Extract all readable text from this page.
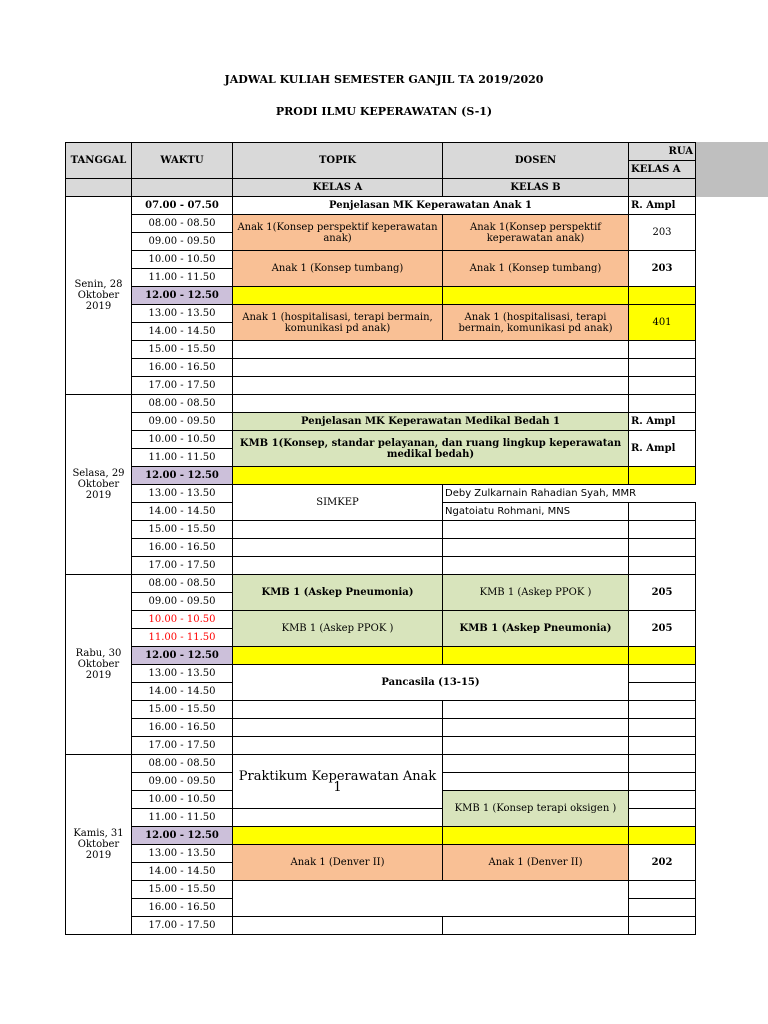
JADWAL KULIAH SEMESTER GANJIL TA 2019/2020
PRODI ILMU KEPERAWATAN (S-1)
TANGGAL	WAKTU	TOPIK	DOSEN	RUA
				KELAS A
		KELAS A	KELAS B	
Senin, 28 Oktober 2019	07.00 - 07.50	Penjelasan MK Keperawatan Anak 1		R. Ampl
	08.00 - 08.50	Anak 1(Konsep perspektif keperawatan anak)	Anak 1(Konsep perspektif keperawatan anak)	203
	09.00 - 09.50			
	10.00 - 10.50	Anak 1 (Konsep tumbang)	Anak 1 (Konsep tumbang)	203
	11.00 - 11.50			
	12.00 - 12.50			
	13.00 - 13.50	Anak 1 (hospitalisasi, terapi bermain, komunikasi pd anak)	Anak 1 (hospitalisasi, terapi bermain, komunikasi pd anak)	401
	14.00 - 14.50			
	15.00 - 15.50			
	16.00 - 16.50			
	17.00 - 17.50			
Selasa, 29 Oktober 2019	08.00 - 08.50			
	09.00 - 09.50	Penjelasan MK Keperawatan Medikal Bedah 1		R. Ampl
	10.00 - 10.50	KMB 1(Konsep, standar pelayanan, dan ruang lingkup keperawatan medikal bedah)		R. Ampl
	11.00 - 11.50			
	12.00 - 12.50			
	13.00 - 13.50	SIMKEP	Deby Zulkarnain Rahadian Syah, MMR	
	14.00 - 14.50		Ngatoiatu Rohmani, MNS	
	15.00 - 15.50			
	16.00 - 16.50			
	17.00 - 17.50			
Rabu, 30 Oktober 2019	08.00 - 08.50	KMB 1 (Askep Pneumonia)	KMB 1 (Askep PPOK )	205
	09.00 - 09.50			
	10.00 - 10.50	KMB 1 (Askep PPOK )	KMB 1 (Askep Pneumonia)	205
	11.00 - 11.50			
	12.00 - 12.50			
	13.00 - 13.50	Pancasila (13-15)		
	14.00 - 14.50			
	15.00 - 15.50			
	16.00 - 16.50			
	17.00 - 17.50			
Kamis, 31 Oktober 2019	08.00 - 08.50	Praktikum Keperawatan Anak 1		
	09.00 - 09.50			
	10.00 - 10.50		KMB 1 (Konsep terapi oksigen )	
	11.00 - 11.50			
	12.00 - 12.50			
	13.00 - 13.50	Anak 1 (Denver II)	Anak 1 (Denver II)	202
	14.00 - 14.50			
	15.00 - 15.50			
	16.00 - 16.50			
	17.00 - 17.50			
